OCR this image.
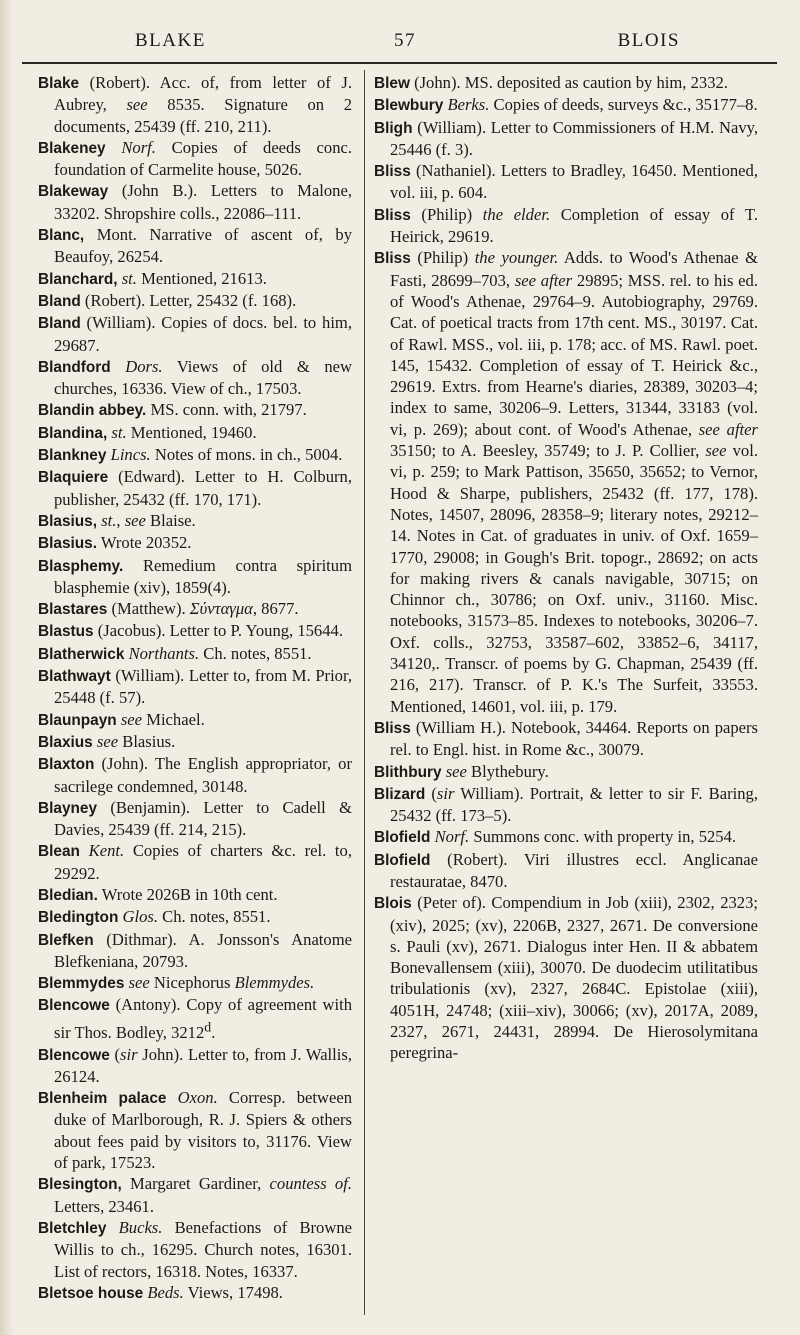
BLAKE	57	BLOIS

Blake (Robert). Acc. of, from letter of J. Aubrey, see 8535. Signature on 2 documents, 25439 (ff. 210, 211).

Blakeney Norf. Copies of deeds conc. foundation of Carmelite house, 5026.

Blakeway (John B.). Letters to Malone, 33202. Shropshire colls., 22086–111.

Blanc, Mont. Narrative of ascent of, by Beaufoy, 26254.

Blanchard, st. Mentioned, 21613.

Bland (Robert). Letter, 25432 (f. 168).

Bland (William). Copies of docs. bel. to him, 29687.

Blandford Dors. Views of old & new churches, 16336. View of ch., 17503.

Blandin abbey. MS. conn. with, 21797.

Blandina, st. Mentioned, 19460.

Blankney Lincs. Notes of mons. in ch., 5004.

Blaquiere (Edward). Letter to H. Colburn, publisher, 25432 (ff. 170, 171).

Blasius, st., see Blaise.

Blasius. Wrote 20352.

Blasphemy. Remedium contra spiritum blasphemie (xiv), 1859(4).

Blastares (Matthew). Σύνταγμα, 8677.

Blastus (Jacobus). Letter to P. Young, 15644.

Blatherwick Northants. Ch. notes, 8551.

Blathwayt (William). Letter to, from M. Prior, 25448 (f. 57).

Blaunpayn see Michael.

Blaxius see Blasius.

Blaxton (John). The English appropriator, or sacrilege condemned, 30148.

Blayney (Benjamin). Letter to Cadell & Davies, 25439 (ff. 214, 215).

Blean Kent. Copies of charters &c. rel. to, 29292.

Bledian. Wrote 2026B in 10th cent.

Bledington Glos. Ch. notes, 8551.

Blefken (Dithmar). A. Jonsson's Anatome Blefkeniana, 20793.

Blemmydes see Nicephorus Blemmydes.

Blencowe (Antony). Copy of agreement with sir Thos. Bodley, 3212$^d$.

Blencowe (sir John). Letter to, from J. Wallis, 26124.

Blenheim palace Oxon. Corresp. between duke of Marlborough, R. J. Spiers & others about fees paid by visitors to, 31176. View of park, 17523.

Blesington, Margaret Gardiner, countess of. Letters, 23461.

Bletchley Bucks. Benefactions of Browne Willis to ch., 16295. Church notes, 16301. List of rectors, 16318. Notes, 16337.

Bletsoe house Beds. Views, 17498.

Blew (John). MS. deposited as caution by him, 2332.

Blewbury Berks. Copies of deeds, surveys &c., 35177–8.

Bligh (William). Letter to Commissioners of H.M. Navy, 25446 (f. 3).

Bliss (Nathaniel). Letters to Bradley, 16450. Mentioned, vol. iii, p. 604.

Bliss (Philip) the elder. Completion of essay of T. Heirick, 29619.

Bliss (Philip) the younger. Adds. to Wood's Athenae & Fasti, 28699–703, see after 29895; MSS. rel. to his ed. of Wood's Athenae, 29764–9. Autobiography, 29769. Cat. of poetical tracts from 17th cent. MS., 30197. Cat. of Rawl. MSS., vol. iii, p. 178; acc. of MS. Rawl. poet. 145, 15432. Completion of essay of T. Heirick &c., 29619. Extrs. from Hearne's diaries, 28389, 30203–4; index to same, 30206–9. Letters, 31344, 33183 (vol. vi, p. 269); about cont. of Wood's Athenae, see after 35150; to A. Beesley, 35749; to J. P. Collier, see vol. vi, p. 259; to Mark Pattison, 35650, 35652; to Vernor, Hood & Sharpe, publishers, 25432 (ff. 177, 178). Notes, 14507, 28096, 28358–9; literary notes, 29212–14. Notes in Cat. of graduates in univ. of Oxf. 1659–1770, 29008; in Gough's Brit. topogr., 28692; on acts for making rivers & canals navigable, 30715; on Chinnor ch., 30786; on Oxf. univ., 31160. Misc. notebooks, 31573–85. Indexes to notebooks, 30206–7. Oxf. colls., 32753, 33587–602, 33852–6, 34117, 34120,. Transcr. of poems by G. Chapman, 25439 (ff. 216, 217). Transcr. of P. K.'s The Surfeit, 33553. Mentioned, 14601, vol. iii, p. 179.

Bliss (William H.). Notebook, 34464. Reports on papers rel. to Engl. hist. in Rome &c., 30079.

Blithbury see Blythebury.

Blizard (sir William). Portrait, & letter to sir F. Baring, 25432 (ff. 173–5).

Blofield Norf. Summons conc. with property in, 5254.

Blofield (Robert). Viri illustres eccl. Anglicanae restauratae, 8470.

Blois (Peter of). Compendium in Job (xiii), 2302, 2323; (xiv), 2025; (xv), 2206B, 2327, 2671. De conversione s. Pauli (xv), 2671. Dialogus inter Hen. II & abbatem Bonevallensem (xiii), 30070. De duodecim utilitatibus tribulationis (xv), 2327, 2684C. Epistolae (xiii), 4051H, 24748; (xiii–xiv), 30066; (xv), 2017A, 2089, 2327, 2671, 24431, 28994. De Hierosolymitana peregrina-
